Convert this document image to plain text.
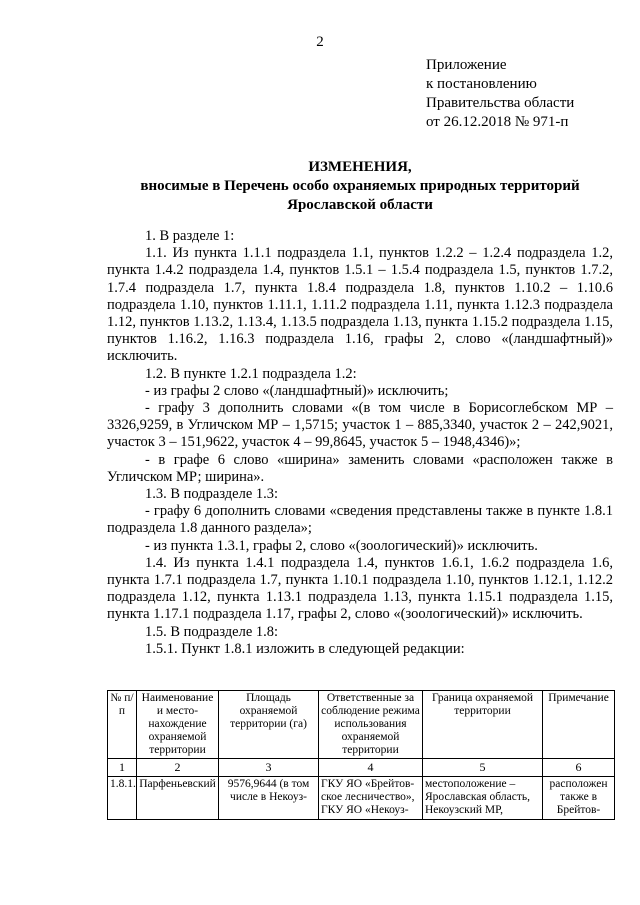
2
Приложение
к постановлению
Правительства области
от 26.12.2018 № 971-п
ИЗМЕНЕНИЯ,
вносимые в Перечень особо охраняемых природных территорий
Ярославской области

1. В разделе 1:

1.1. Из пункта 1.1.1 подраздела 1.1, пунктов 1.2.2 – 1.2.4 подраздела 1.2, пункта 1.4.2 подраздела 1.4, пунктов 1.5.1 – 1.5.4 подраздела 1.5, пунктов 1.7.2, 1.7.4 подраздела 1.7, пункта 1.8.4 подраздела 1.8, пунктов 1.10.2 – 1.10.6 подраздела 1.10, пунктов 1.11.1, 1.11.2 подраздела 1.11, пункта 1.12.3 подраздела 1.12, пунктов 1.13.2, 1.13.4, 1.13.5 подраздела 1.13, пункта 1.15.2 подраздела 1.15, пунктов 1.16.2, 1.16.3 подраздела 1.16, графы 2, слово «(ландшафтный)» исключить.

1.2. В пункте 1.2.1 подраздела 1.2:

- из графы 2 слово «(ландшафтный)» исключить;

- графу 3 дополнить словами «(в том числе в Борисоглебском МР – 3326,9259, в Угличском МР – 1,5715; участок 1 – 885,3340, участок 2 – 242,9021, участок 3 – 151,9622, участок 4 – 99,8645, участок 5 – 1948,4346)»;

- в графе 6 слово «ширина» заменить словами «расположен также в Угличском МР; ширина».

1.3. В подразделе 1.3:

- графу 6 дополнить словами «сведения представлены также в пункте 1.8.1 подраздела 1.8 данного раздела»;

- из пункта 1.3.1, графы 2, слово «(зоологический)» исключить.

1.4. Из пункта 1.4.1 подраздела 1.4, пунктов 1.6.1, 1.6.2 подраздела 1.6, пункта 1.7.1 подраздела 1.7, пункта 1.10.1 подраздела 1.10, пунктов 1.12.1, 1.12.2 подраздела 1.12, пункта 1.13.1 подраздела 1.13, пункта 1.15.1 подраздела 1.15, пункта 1.17.1 подраздела 1.17, графы 2, слово «(зоологический)» исключить.

1.5. В подразделе 1.8:

1.5.1. Пункт 1.8.1 изложить в следующей редакции:

№ п/п	Наименование и место-нахождение охраняемой территории	Площадь охраняемой территории (га)	Ответственные за соблюдение режима использования охраняемой территории	Граница охраняемой территории	Примечание
1	2	3	4	5	6
1.8.1.	Парфеньевский	9576,9644 (в том числе в Некоуз-	ГКУ ЯО «Брейтов-ское лесничество», ГКУ ЯО «Некоуз-	местоположение – Ярославская область, Некоузский МР,	расположен также в Брейтов-
